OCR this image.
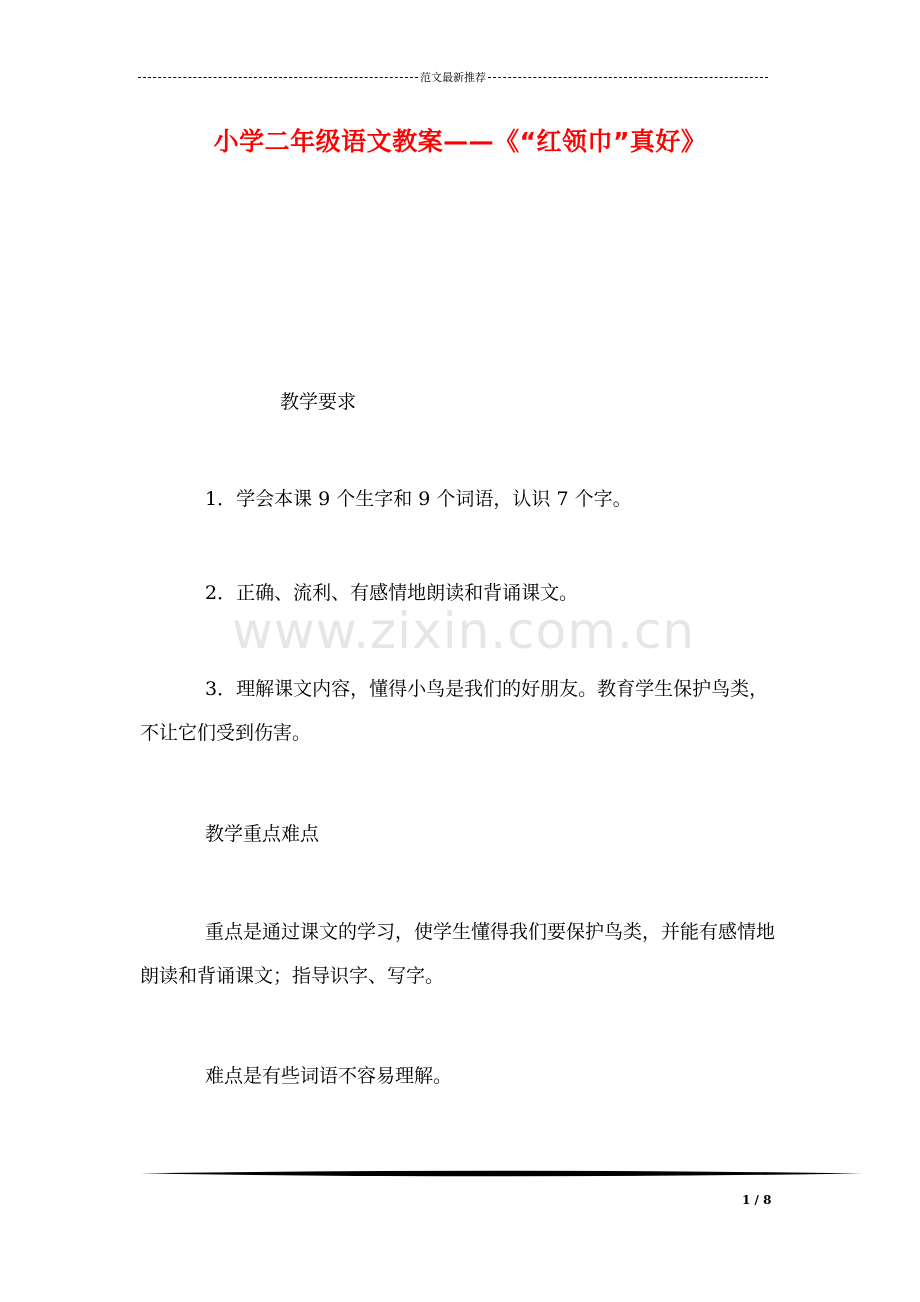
范文最新推荐
小学二年级语文教案——《“红领巾”真好》
www.zixin.com.cn

教学要求

1．学会本课 9 个生字和 9 个词语，认识 7 个字。

2．正确、流利、有感情地朗读和背诵课文。

3．理解课文内容，懂得小鸟是我们的好朋友。教育学生保护鸟类，不让它们受到伤害。

教学重点难点

重点是通过课文的学习，使学生懂得我们要保护鸟类，并能有感情地朗读和背诵课文；指导识字、写字。

难点是有些词语不容易理解。

1 / 8
